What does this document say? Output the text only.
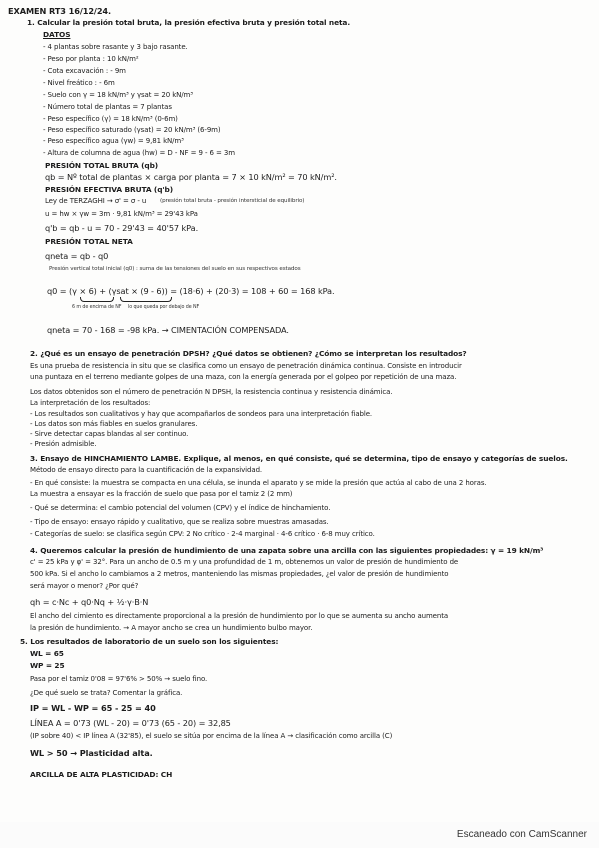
EXAMEN RT3 16/12/24.
1. Calcular la presión total bruta, la presión efectiva bruta y presión total neta.
DATOS
- 4 plantas sobre rasante y 3 bajo rasante.
- Peso por planta : 10 kN/m²
- Cota excavación : - 9m
- Nivel freático : - 6m
- Suelo con γ = 18 kN/m³ y γsat = 20 kN/m³
- Número total de plantas = 7 plantas
- Peso específico (γ) = 18 kN/m³ (0-6m)
- Peso específico saturado (γsat) = 20 kN/m³ (6-9m)
- Peso específico agua (γw) = 9,81 kN/m³
- Altura de columna de agua (hw) = D - NF = 9 - 6 = 3m
PRESIÓN TOTAL BRUTA (qb)
qb = Nº total de plantas × carga por planta = 7 × 10 kN/m² = 70 kN/m².
PRESIÓN EFECTIVA BRUTA (q'b)
Ley de TERZAGHI → σ' = σ - u (presión total bruta - presión intersticial de equilibrio)
u = hw × γw = 3m · 9,81 kN/m³ = 29'43 kPa
q'b = qb - u = 70 - 29'43 = 40'57 kPa.
PRESIÓN TOTAL NETA
qneta = qb - q0
Presión vertical total inicial (q0) : suma de las tensiones del suelo en sus respectivos estados
q0 = (γ × 6) + (γsat × (9 - 6)) = (18·6) + (20·3) = 108 + 60 = 168 kPa.
6 m de encima de NF lo que queda por debajo de NF
qneta = 70 - 168 = -98 kPa. → CIMENTACIÓN COMPENSADA.
2. ¿Qué es un ensayo de penetración DPSH? ¿Qué datos se obtienen? ¿Cómo se interpretan los resultados?
Es una prueba de resistencia in situ que se clasifica como un ensayo de penetración dinámica continua. Consiste en introducir
una puntaza en el terreno mediante golpes de una maza, con la energía generada por el golpeo por repetición de una maza.
Los datos obtenidos son el número de penetración N DPSH, la resistencia continua y resistencia dinámica.
La interpretación de los resultados:
- Los resultados son cualitativos y hay que acompañarlos de sondeos para una interpretación fiable.
- Los datos son más fiables en suelos granulares.
- Sirve detectar capas blandas al ser continuo.
- Presión admisible.
3. Ensayo de HINCHAMIENTO LAMBE. Explique, al menos, en qué consiste, qué se determina, tipo de ensayo y categorías de suelos.
Método de ensayo directo para la cuantificación de la expansividad.
- En qué consiste: la muestra se compacta en una célula, se inunda el aparato y se mide la presión que actúa al cabo de una 2 horas.
La muestra a ensayar es la fracción de suelo que pasa por el tamiz 2 (2 mm)
- Qué se determina: el cambio potencial del volumen (CPV) y el índice de hinchamiento.
- Tipo de ensayo: ensayo rápido y cualitativo, que se realiza sobre muestras amasadas.
- Categorías de suelo: se clasifica según CPV: 2 No crítico · 2-4 marginal · 4-6 crítico · 6-8 muy crítico.
4. Queremos calcular la presión de hundimiento de una zapata sobre una arcilla con las siguientes propiedades: γ = 19 kN/m³
c' = 25 kPa y φ' = 32°. Para un ancho de 0.5 m y una profundidad de 1 m, obtenemos un valor de presión de hundimiento de
500 kPa. Si el ancho lo cambiamos a 2 metros, manteniendo las mismas propiedades, ¿el valor de presión de hundimiento
será mayor o menor? ¿Por qué?
qh = c·Nc + q0·Nq + ½·γ·B·N
El ancho del cimiento es directamente proporcional a la presión de hundimiento por lo que se aumenta su ancho aumenta
la presión de hundimiento. → A mayor ancho se crea un hundimiento bulbo mayor.
5. Los resultados de laboratorio de un suelo son los siguientes:
WL = 65
WP = 25
Pasa por el tamiz 0'08 = 97'6% > 50% → suelo fino.
¿De qué suelo se trata? Comentar la gráfica.
IP = WL - WP = 65 - 25 = 40
LÍNEA A = 0'73 (WL - 20) = 0'73 (65 - 20) = 32,85
(IP sobre 40) < IP línea A (32'85), el suelo se sitúa por encima de la línea A → clasificación como arcilla (C)
WL > 50 → Plasticidad alta.
ARCILLA DE ALTA PLASTICIDAD: CH
Escaneado con CamScanner
